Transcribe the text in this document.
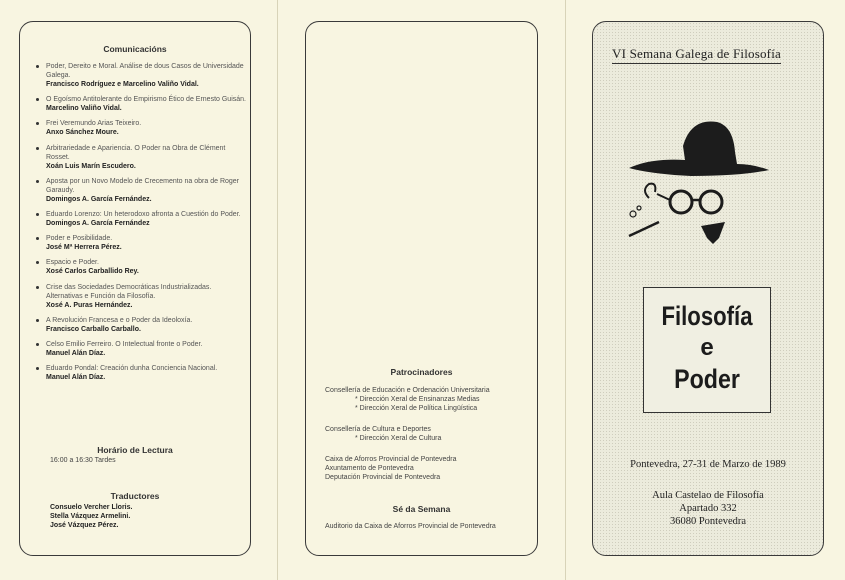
Comunicacións
Poder, Dereito e Moral. Análise de dous Casos de Universidade Galega.
Francisco Rodríguez e Marcelino Valiño Vidal.
O Egoísmo Antitolerante do Empirismo Ético de Ernesto Guisán.
Marcelino Valiño Vidal.
Frei Veremundo Arias Teixeiro.
Anxo Sánchez Moure.
Arbitrariedade e Apariencia. O Poder na Obra de Clément Rosset.
Xoán Luis Marín Escudero.
Aposta por un Novo Modelo de Crecemento na obra de Roger Garaudy.
Domingos A. García Fernández.
Eduardo Lorenzo: Un heterodoxo afronta a Cuestión do Poder.
Domingos A. García Fernández
Poder e Posibilidade.
José Mª Herrera Pérez.
Espacio e Poder.
Xosé Carlos Carballido Rey.
Crise das Sociedades Democráticas Industrializadas. Alternativas e Función da Filosofía.
Xosé A. Puras Hernández.
A Revolución Francesa e o Poder da Ideoloxía.
Francisco Carballo Carballo.
Celso Emilio Ferreiro. O Intelectual fronte o Poder.
Manuel Alán Díaz.
Eduardo Pondal: Creación dunha Conciencia Nacional.
Manuel Alán Díaz.
Horário de Lectura
16:00 a 16:30 Tardes
Traductores
Consuelo Vercher Lloris.
Stella Vázquez Armelini.
José Vázquez Pérez.
Patrocinadores
Consellería de Educación e Ordenación Universitaria
* Dirección Xeral de Ensinanzas Medias
* Dirección Xeral de Política Lingüística
Consellería de Cultura e Deportes
* Dirección Xeral de Cultura
Caixa de Aforros Provincial de Pontevedra
Axuntamento de Pontevedra
Deputación Provincial de Pontevedra
Sé da Semana
Auditorio da Caixa de Aforros Provincial de Pontevedra
VI Semana Galega de Filosofía
Filosofía
e
Poder
Pontevedra, 27-31 de Marzo de 1989
Aula Castelao de Filosofía
Apartado 332
36080 Pontevedra
